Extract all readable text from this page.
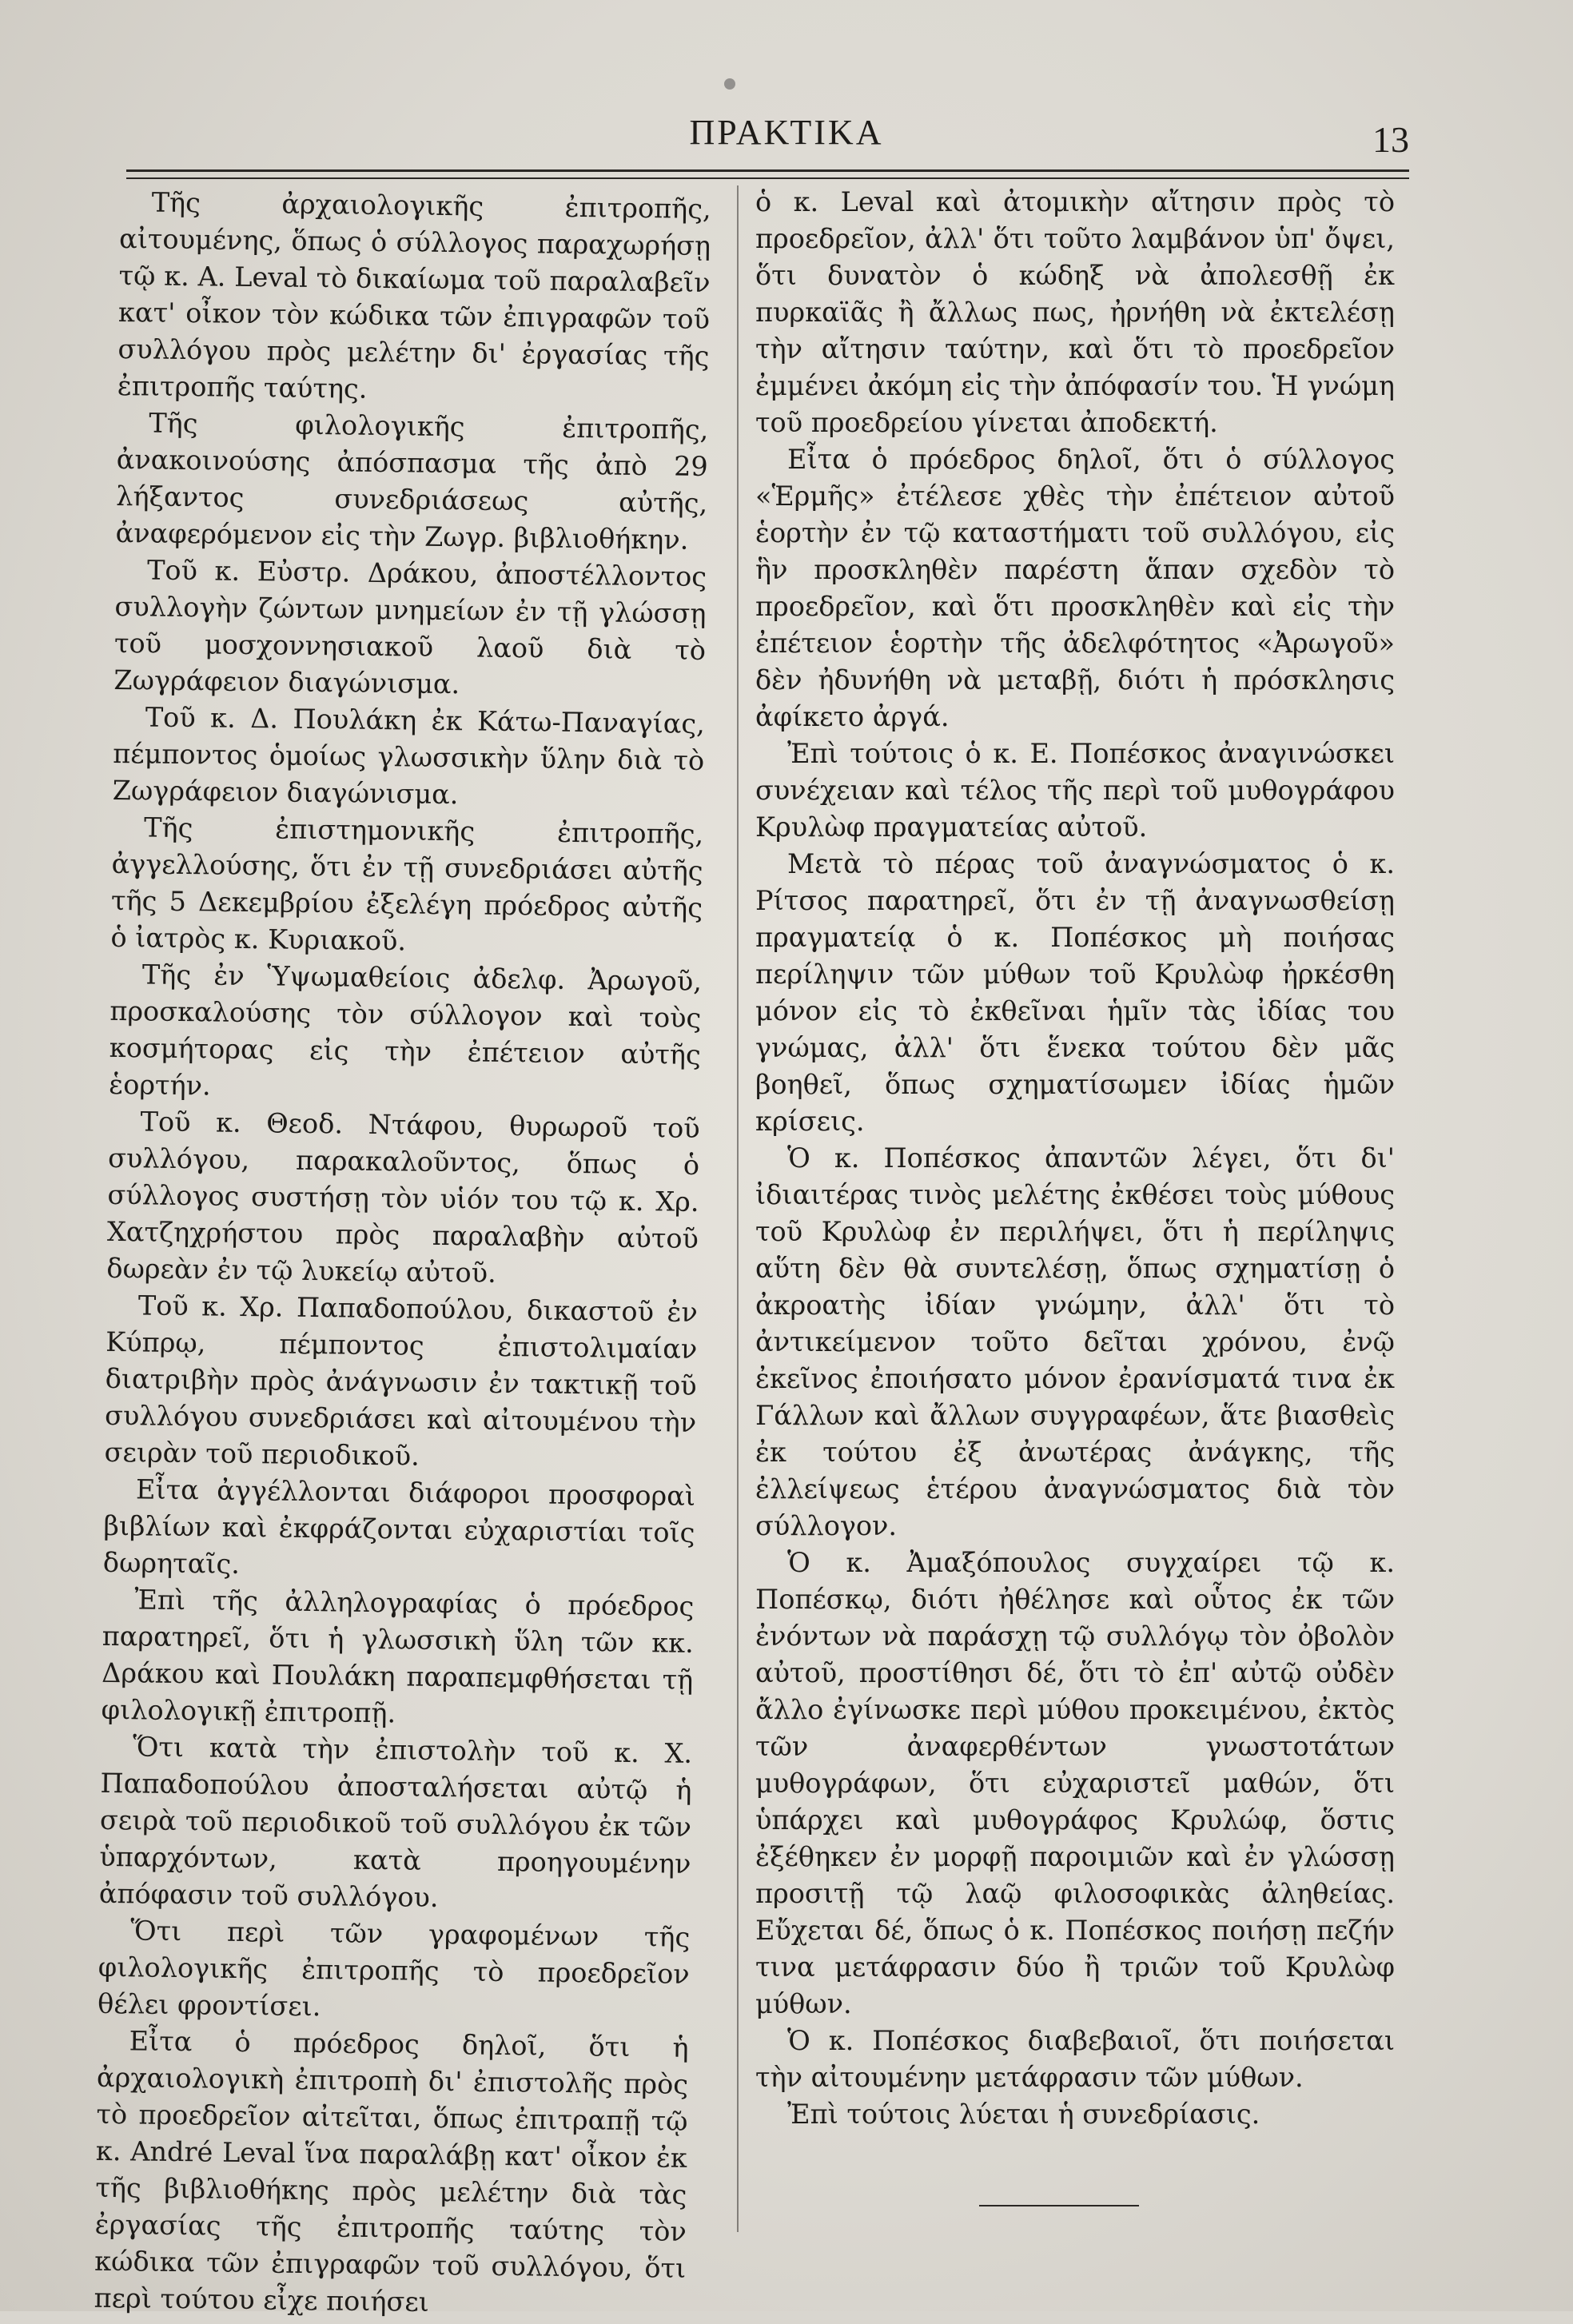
ΠΡΑΚΤΙΚΑ	13

Τῆς ἀρχαιολογικῆς ἐπιτροπῆς, αἰτουμένης, ὅπως ὁ σύλλογος παραχωρήσῃ τῷ κ. Α. Leval τὸ δικαίωμα τοῦ παραλαβεῖν κατ' οἶκον τὸν κώδικα τῶν ἐπιγραφῶν τοῦ συλλόγου πρὸς μελέτην δι' ἐργασίας τῆς ἐπιτροπῆς ταύτης.

Τῆς φιλολογικῆς ἐπιτροπῆς, ἀνακοινούσης ἀπόσπασμα τῆς ἀπὸ 29 λήξαντος συνεδριάσεως αὐτῆς, ἀναφερόμενον εἰς τὴν Ζωγρ. βιβλιοθήκην.

Τοῦ κ. Εὐστρ. Δράκου, ἀποστέλλοντος συλλογὴν ζώντων μνημείων ἐν τῇ γλώσσῃ τοῦ μοσχοννησιακοῦ λαοῦ διὰ τὸ Ζωγράφειον διαγώνισμα.

Τοῦ κ. Δ. Πουλάκη ἐκ Κάτω-Παναγίας, πέμποντος ὁμοίως γλωσσικὴν ὕλην διὰ τὸ Ζωγράφειον διαγώνισμα.

Τῆς ἐπιστημονικῆς ἐπιτροπῆς, ἀγγελλούσης, ὅτι ἐν τῇ συνεδριάσει αὐτῆς τῆς 5 Δεκεμβρίου ἐξελέγη πρόεδρος αὐτῆς ὁ ἰατρὸς κ. Κυριακοῦ.

Τῆς ἐν Ὑψωμαθείοις ἀδελφ. Ἀρωγοῦ, προσκαλούσης τὸν σύλλογον καὶ τοὺς κοσμήτορας εἰς τὴν ἐπέτειον αὐτῆς ἑορτήν.

Τοῦ κ. Θεοδ. Ντάφου, θυρωροῦ τοῦ συλλόγου, παρακαλοῦντος, ὅπως ὁ σύλλογος συστήσῃ τὸν υἱόν του τῷ κ. Χρ. Χατζηχρήστου πρὸς παραλαβὴν αὐτοῦ δωρεὰν ἐν τῷ λυκείῳ αὐτοῦ.

Τοῦ κ. Χρ. Παπαδοπούλου, δικαστοῦ ἐν Κύπρῳ, πέμποντος ἐπιστολιμαίαν διατριβὴν πρὸς ἀνάγνωσιν ἐν τακτικῇ τοῦ συλλόγου συνεδριάσει καὶ αἰτουμένου τὴν σειρὰν τοῦ περιοδικοῦ.

Εἶτα ἀγγέλλονται διάφοροι προσφοραὶ βιβλίων καὶ ἐκφράζονται εὐχαριστίαι τοῖς δωρηταῖς.

Ἐπὶ τῆς ἀλληλογραφίας ὁ πρόεδρος παρατηρεῖ, ὅτι ἡ γλωσσικὴ ὕλη τῶν κκ. Δράκου καὶ Πουλάκη παραπεμφθήσεται τῇ φιλολογικῇ ἐπιτροπῇ.

Ὅτι κατὰ τὴν ἐπιστολὴν τοῦ κ. Χ. Παπαδοπούλου ἀποσταλήσεται αὐτῷ ἡ σειρὰ τοῦ περιοδικοῦ τοῦ συλλόγου ἐκ τῶν ὑπαρχόντων, κατὰ προηγουμένην ἀπόφασιν τοῦ συλλόγου.

Ὅτι περὶ τῶν γραφομένων τῆς φιλολογικῆς ἐπιτροπῆς τὸ προεδρεῖον θέλει φροντίσει.

Εἶτα ὁ πρόεδρος δηλοῖ, ὅτι ἡ ἀρχαιολογικὴ ἐπιτροπὴ δι' ἐπιστολῆς πρὸς τὸ προεδρεῖον αἰτεῖται, ὅπως ἐπιτραπῇ τῷ κ. André Leval ἵνα παραλάβῃ κατ' οἶκον ἐκ τῆς βιβλιοθήκης πρὸς μελέτην διὰ τὰς ἐργασίας τῆς ἐπιτροπῆς ταύτης τὸν κώδικα τῶν ἐπιγραφῶν τοῦ συλλόγου, ὅτι περὶ τούτου εἶχε ποιήσει

ὁ κ. Leval καὶ ἀτομικὴν αἴτησιν πρὸς τὸ προεδρεῖον, ἀλλ' ὅτι τοῦτο λαμβάνον ὑπ' ὄψει, ὅτι δυνατὸν ὁ κώδηξ νὰ ἀπολεσθῇ ἐκ πυρκαϊᾶς ἢ ἄλλως πως, ἠρνήθη νὰ ἐκτελέσῃ τὴν αἴτησιν ταύτην, καὶ ὅτι τὸ προεδρεῖον ἐμμένει ἀκόμη εἰς τὴν ἀπόφασίν του. Ἡ γνώμη τοῦ προεδρείου γίνεται ἀποδεκτή.

Εἶτα ὁ πρόεδρος δηλοῖ, ὅτι ὁ σύλλογος «Ἑρμῆς» ἐτέλεσε χθὲς τὴν ἐπέτειον αὐτοῦ ἑορτὴν ἐν τῷ καταστήματι τοῦ συλλόγου, εἰς ἣν προσκληθὲν παρέστη ἅπαν σχεδὸν τὸ προεδρεῖον, καὶ ὅτι προσκληθὲν καὶ εἰς τὴν ἐπέτειον ἑορτὴν τῆς ἀδελφότητος «Ἀρωγοῦ» δὲν ἠδυνήθη νὰ μεταβῇ, διότι ἡ πρόσκλησις ἀφίκετο ἀργά.

Ἐπὶ τούτοις ὁ κ. Ε. Ποπέσκος ἀναγινώσκει συνέχειαν καὶ τέλος τῆς περὶ τοῦ μυθογράφου Κρυλὼφ πραγματείας αὐτοῦ.

Μετὰ τὸ πέρας τοῦ ἀναγνώσματος ὁ κ. Ρίτσος παρατηρεῖ, ὅτι ἐν τῇ ἀναγνωσθείσῃ πραγματείᾳ ὁ κ. Ποπέσκος μὴ ποιήσας περίληψιν τῶν μύθων τοῦ Κρυλὼφ ἠρκέσθη μόνον εἰς τὸ ἐκθεῖναι ἡμῖν τὰς ἰδίας του γνώμας, ἀλλ' ὅτι ἕνεκα τούτου δὲν μᾶς βοηθεῖ, ὅπως σχηματίσωμεν ἰδίας ἡμῶν κρίσεις.

Ὁ κ. Ποπέσκος ἀπαντῶν λέγει, ὅτι δι' ἰδιαιτέρας τινὸς μελέτης ἐκθέσει τοὺς μύθους τοῦ Κρυλὼφ ἐν περιλήψει, ὅτι ἡ περίληψις αὕτη δὲν θὰ συντελέσῃ, ὅπως σχηματίσῃ ὁ ἀκροατὴς ἰδίαν γνώμην, ἀλλ' ὅτι τὸ ἀντικείμενον τοῦτο δεῖται χρόνου, ἐνῷ ἐκεῖνος ἐποιήσατο μόνον ἐρανίσματά τινα ἐκ Γάλλων καὶ ἄλλων συγγραφέων, ἅτε βιασθεὶς ἐκ τούτου ἐξ ἀνωτέρας ἀνάγκης, τῆς ἐλλείψεως ἑτέρου ἀναγνώσματος διὰ τὸν σύλλογον.

Ὁ κ. Ἀμαξόπουλος συγχαίρει τῷ κ. Ποπέσκῳ, διότι ἠθέλησε καὶ οὗτος ἐκ τῶν ἐνόντων νὰ παράσχῃ τῷ συλλόγῳ τὸν ὀβολὸν αὐτοῦ, προστίθησι δέ, ὅτι τὸ ἐπ' αὐτῷ οὐδὲν ἄλλο ἐγίνωσκε περὶ μύθου προκειμένου, ἐκτὸς τῶν ἀναφερθέντων γνωστοτάτων μυθογράφων, ὅτι εὐχαριστεῖ μαθών, ὅτι ὑπάρχει καὶ μυθογράφος Κρυλώφ, ὅστις ἐξέθηκεν ἐν μορφῇ παροιμιῶν καὶ ἐν γλώσσῃ προσιτῇ τῷ λαῷ φιλοσοφικὰς ἀληθείας. Εὔχεται δέ, ὅπως ὁ κ. Ποπέσκος ποιήσῃ πεζήν τινα μετάφρασιν δύο ἢ τριῶν τοῦ Κρυλὼφ μύθων.

Ὁ κ. Ποπέσκος διαβεβαιοῖ, ὅτι ποιήσεται τὴν αἰτουμένην μετάφρασιν τῶν μύθων.

Ἐπὶ τούτοις λύεται ἡ συνεδρίασις.
